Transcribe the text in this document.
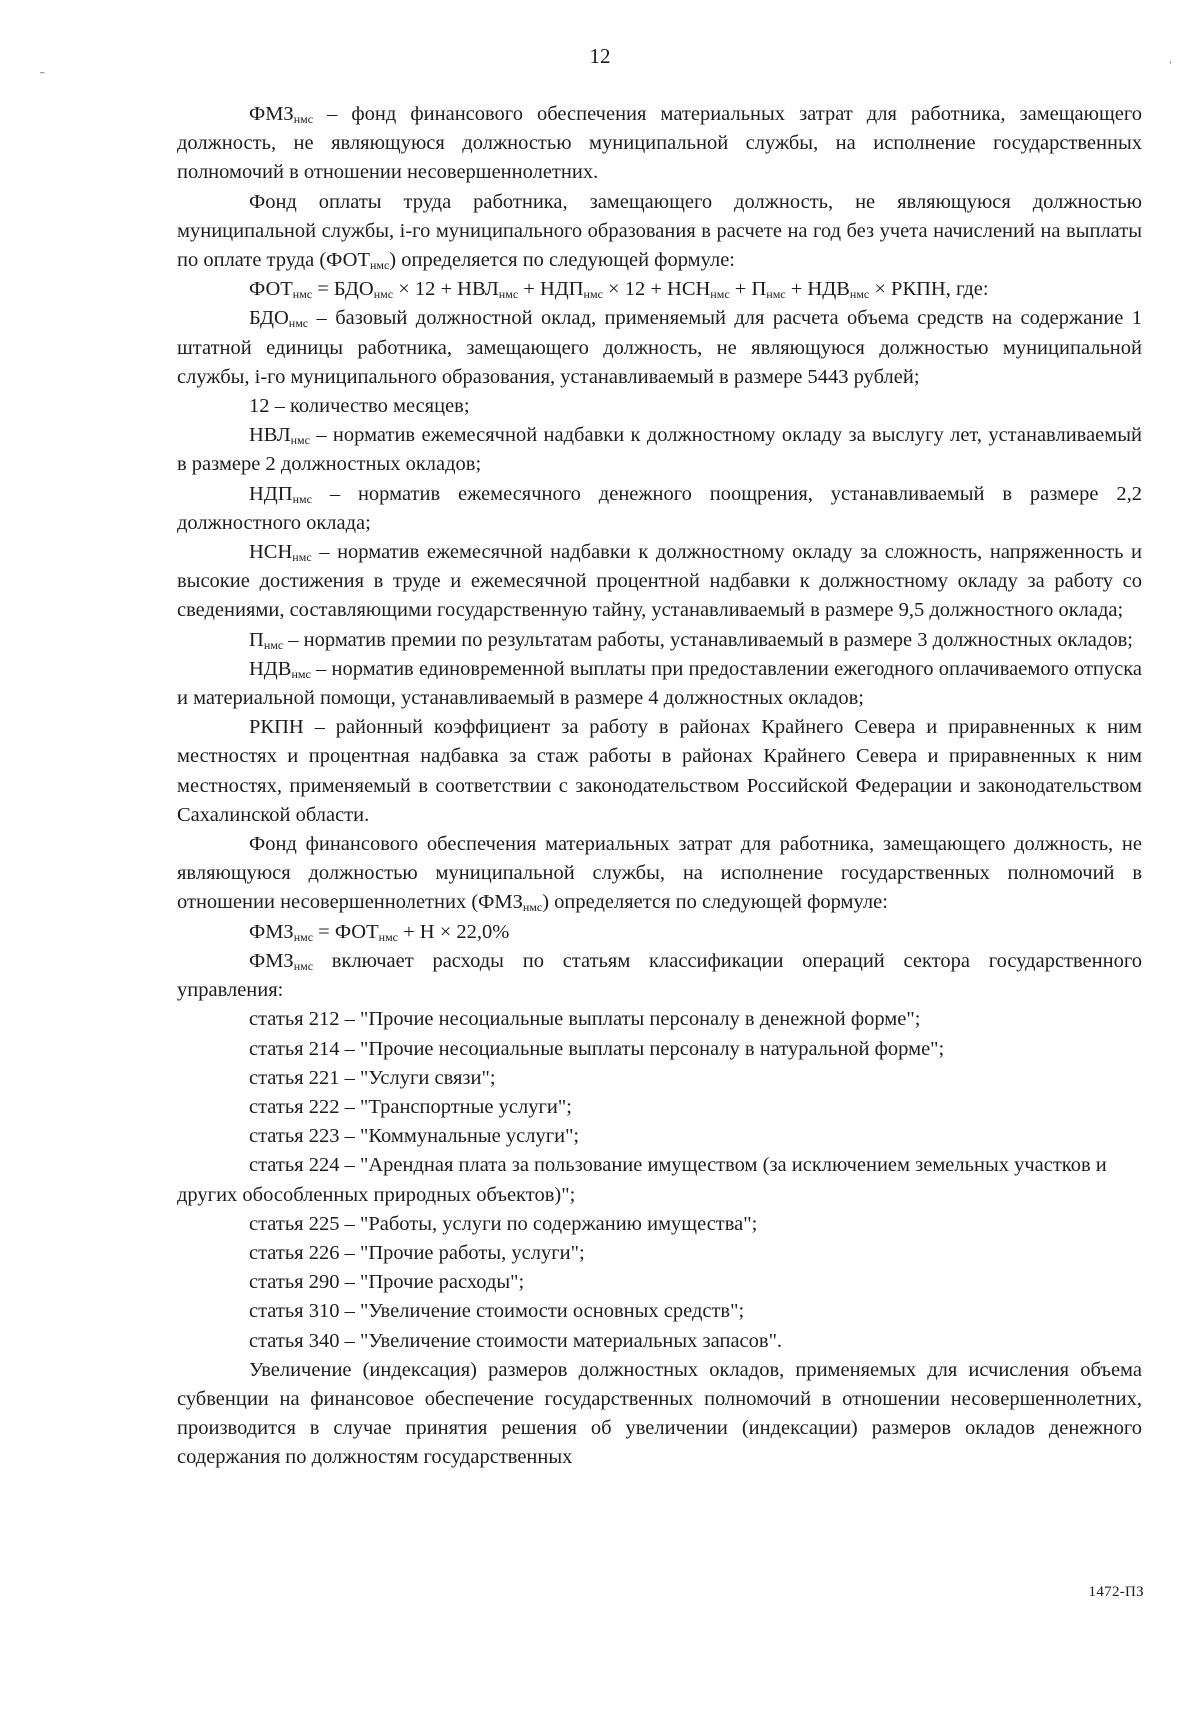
12

$ФМЗ_{нмс}$ – фонд финансового обеспечения материальных затрат для работника, замещающего должность, не являющуюся должностью муниципальной службы, на исполнение государственных полномочий в отношении несовершеннолетних.

Фонд оплаты труда работника, замещающего должность, не являющуюся должностью муниципальной службы, i-го муниципального образования в расчете на год без учета начислений на выплаты по оплате труда $(ФОТ_{нмс})$ определяется по следующей формуле:

$ФОТ_{нмс} = БДО_{нмс} \times 12 + НВЛ_{нмс} + НДП_{нмс} \times 12 + НСН_{нмс} + П_{нмс} + НДВ_{нмс}$ × РКПН, где:

$БДО_{нмс}$ – базовый должностной оклад, применяемый для расчета объема средств на содержание 1 штатной единицы работника, замещающего должность, не являющуюся должностью муниципальной службы, i-го муниципального образования, устанавливаемый в размере 5443 рублей;

12 – количество месяцев;

$НВЛ_{нмс}$ – норматив ежемесячной надбавки к должностному окладу за выслугу лет, устанавливаемый в размере 2 должностных окладов;

$НДП_{нмс}$ – норматив ежемесячного денежного поощрения, устанавливаемый в размере 2,2 должностного оклада;

$НСН_{нмс}$ – норматив ежемесячной надбавки к должностному окладу за сложность, напряженность и высокие достижения в труде и ежемесячной процентной надбавки к должностному окладу за работу со сведениями, составляющими государственную тайну, устанавливаемый в размере 9,5 должностного оклада;

$П_{нмс}$ – норматив премии по результатам работы, устанавливаемый в размере 3 должностных окладов;

$НДВ_{нмс}$ – норматив единовременной выплаты при предоставлении ежегодного оплачиваемого отпуска и материальной помощи, устанавливаемый в размере 4 должностных окладов;

РКПН – районный коэффициент за работу в районах Крайнего Севера и приравненных к ним местностях и процентная надбавка за стаж работы в районах Крайнего Севера и приравненных к ним местностях, применяемый в соответствии с законодательством Российской Федерации и законодательством Сахалинской области.

Фонд финансового обеспечения материальных затрат для работника, замещающего должность, не являющуюся должностью муниципальной службы, на исполнение государственных полномочий в отношении несовершеннолетних $(ФМЗ_{нмс})$ определяется по следующей формуле:

$ФМЗ_{нмс} = ФОТ_{нмс} + Н \times 22,0\%$

$ФМЗ_{нмс}$ включает расходы по статьям классификации операций сектора государственного управления:

статья 212 – "Прочие несоциальные выплаты персоналу в денежной форме";

статья 214 – "Прочие несоциальные выплаты персоналу в натуральной форме";

статья 221 – "Услуги связи";

статья 222 – "Транспортные услуги";

статья 223 – "Коммунальные услуги";

статья 224 – "Арендная плата за пользование имуществом (за исключением земельных участков и других обособленных природных объектов)";

статья 225 – "Работы, услуги по содержанию имущества";

статья 226 – "Прочие работы, услуги";

статья 290 – "Прочие расходы";

статья 310 – "Увеличение стоимости основных средств";

статья 340 – "Увеличение стоимости материальных запасов".

Увеличение (индексация) размеров должностных окладов, применяемых для исчисления объема субвенции на финансовое обеспечение государственных полномочий в отношении несовершеннолетних, производится в случае принятия решения об увеличении (индексации) размеров окладов денежного содержания по должностям государственных

1472-ПЗ
ˉ
ˈ
